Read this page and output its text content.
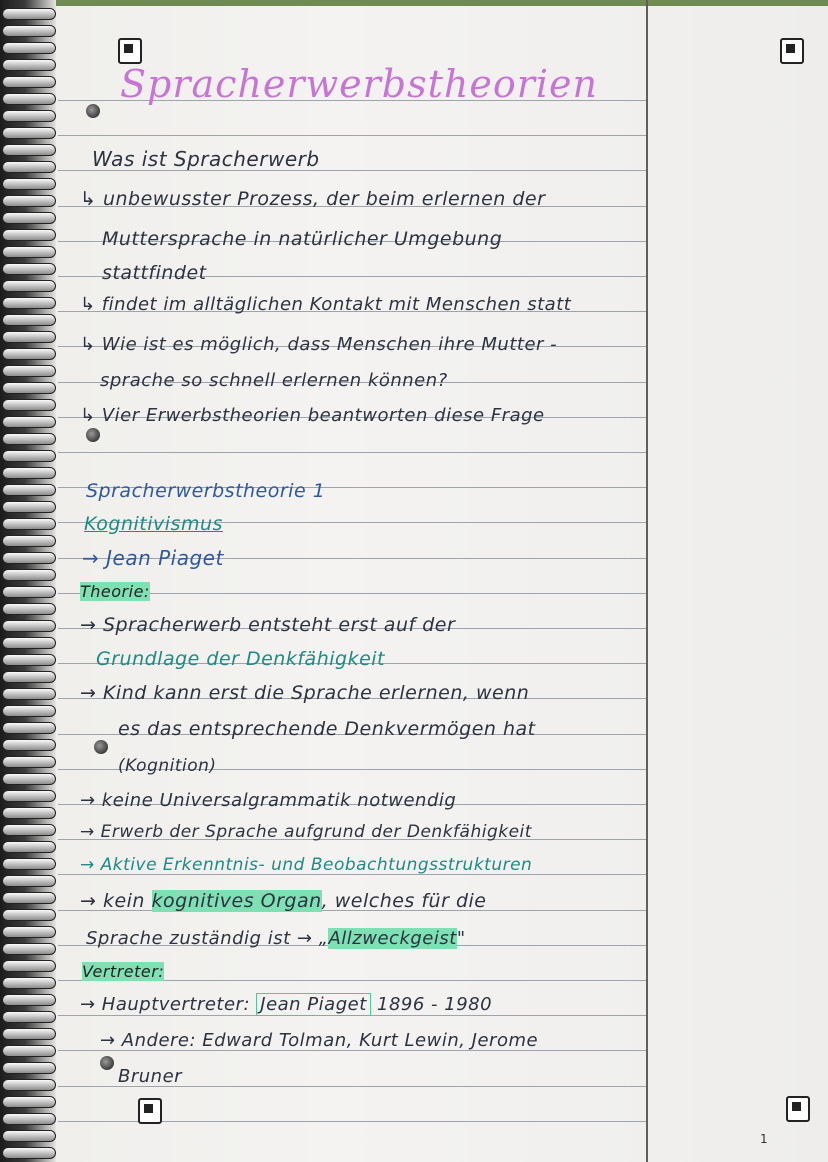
Spracherwerbstheorien
Was ist Spracherwerb
↳ unbewusster Prozess, der beim erlernen der
Muttersprache in natürlicher Umgebung
stattfindet
↳ findet im alltäglichen Kontakt mit Menschen statt
↳ Wie ist es möglich, dass Menschen ihre Mutter -
sprache so schnell erlernen können?
↳ Vier Erwerbstheorien beantworten diese Frage
Spracherwerbstheorie 1
Kognitivismus
→ Jean Piaget
Theorie:
→ Spracherwerb entsteht erst auf der
Grundlage der Denkfähigkeit
→ Kind kann erst die Sprache erlernen, wenn
es das entsprechende Denkvermögen hat
(Kognition)
→ keine Universalgrammatik notwendig
→ Erwerb der Sprache aufgrund der Denkfähigkeit
→ Aktive Erkenntnis- und Beobachtungsstrukturen
→ kein kognitives Organ, welches für die
Sprache zuständig ist → „Allzweckgeist"
Vertreter:
→ Hauptvertreter: Jean Piaget 1896 - 1980
→ Andere: Edward Tolman, Kurt Lewin, Jerome
Bruner
1
